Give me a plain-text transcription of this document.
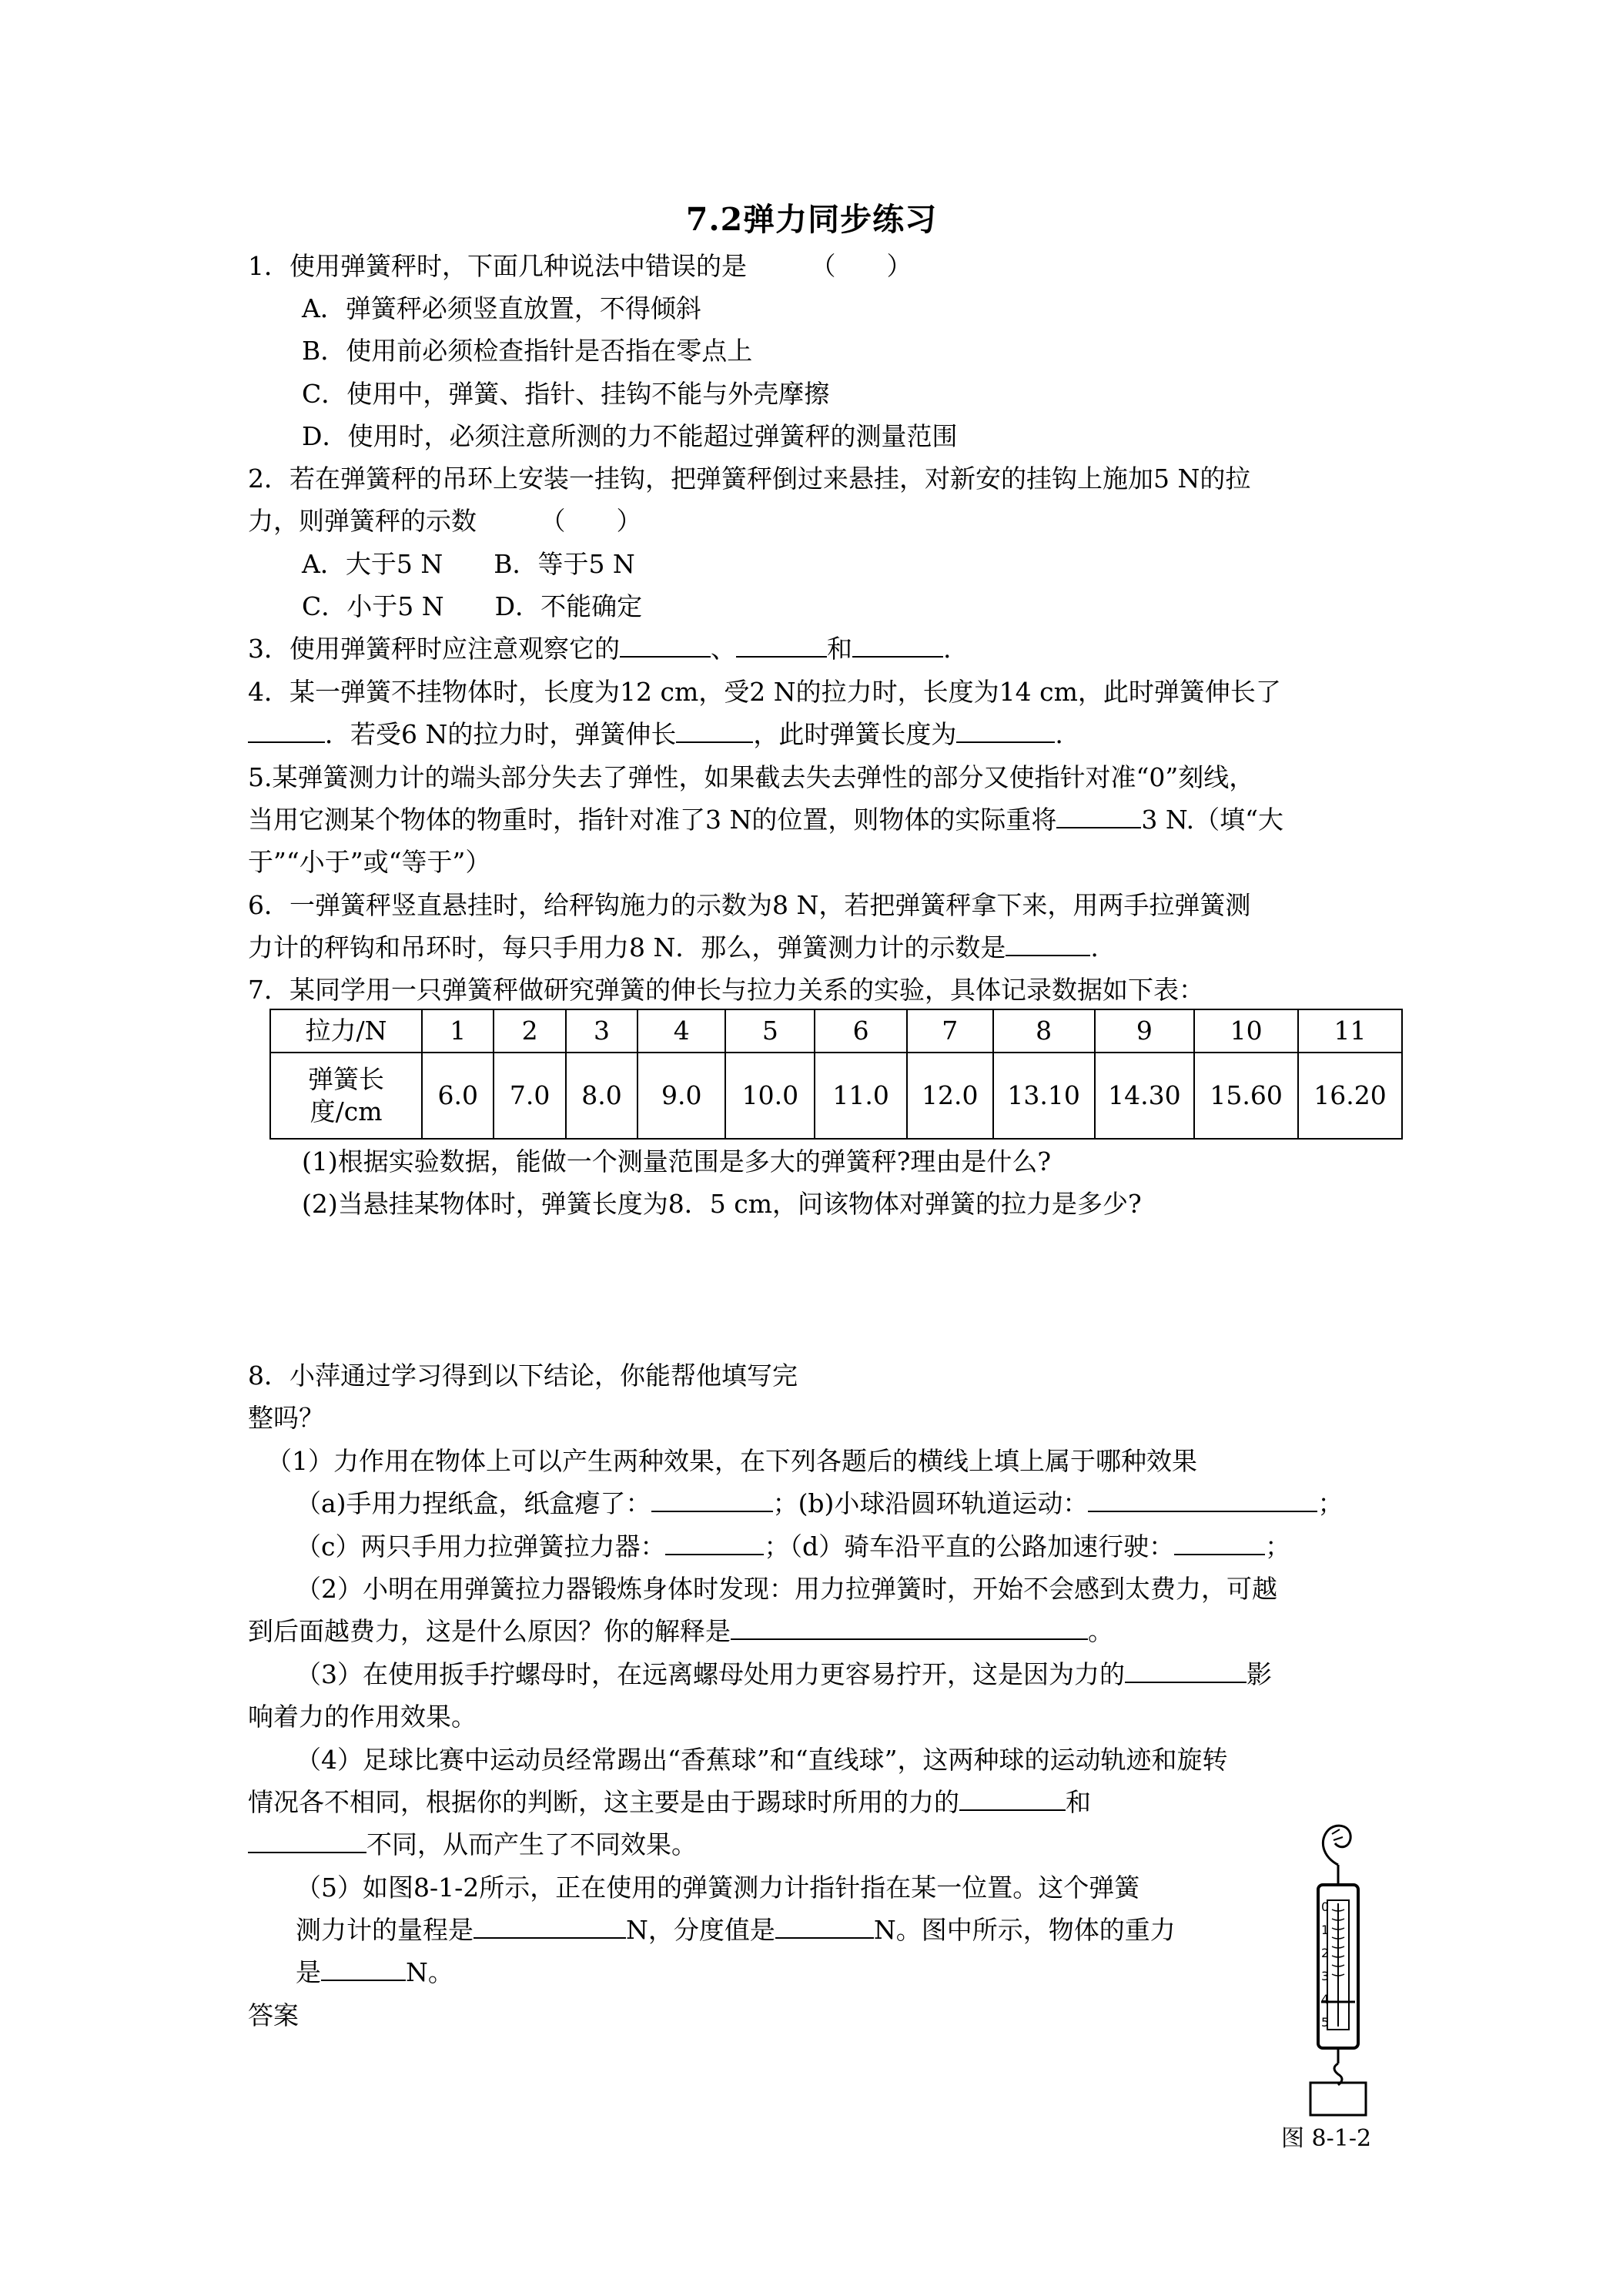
7.2弹力同步练习
1．使用弹簧秤时，下面几种说法中错误的是　　　（　　）
A．弹簧秤必须竖直放置，不得倾斜
B．使用前必须检查指针是否指在零点上
C．使用中，弹簧、指针、挂钩不能与外壳摩擦
D．使用时，必须注意所测的力不能超过弹簧秤的测量范围
2．若在弹簧秤的吊环上安装一挂钩，把弹簧秤倒过来悬挂，对新安的挂钩上施加5 N的拉
力，则弹簧秤的示数　　　（　　）
A．大于5 N　　B．等于5 N
C．小于5 N　　D．不能确定
3．使用弹簧秤时应注意观察它的	、	和	.
4．某一弹簧不挂物体时，长度为12 cm，受2 N的拉力时，长度为14 cm，此时弹簧伸长了
．若受6 N的拉力时，弹簧伸长	，此时弹簧长度为	.
5.某弹簧测力计的端头部分失去了弹性，如果截去失去弹性的部分又使指针对准“0”刻线，
当用它测某个物体的物重时，指针对准了3 N的位置，则物体的实际重将	3 N.（填“大
于”“小于”或“等于”）
6．一弹簧秤竖直悬挂时，给秤钩施力的示数为8 N，若把弹簧秤拿下来，用两手拉弹簧测
力计的秤钩和吊环时，每只手用力8 N．那么，弹簧测力计的示数是	.
7．某同学用一只弹簧秤做研究弹簧的伸长与拉力关系的实验，具体记录数据如下表：
拉力/N	1	2	3	4	5	6	7	8	9	10	11
弹簧长
度/cm	6.0	7.0	8.0	9.0	10.0	11.0	12.0	13.10	14.30	15.60	16.20
(1)根据实验数据，能做一个测量范围是多大的弹簧秤?理由是什么?
(2)当悬挂某物体时，弹簧长度为8．5 cm，问该物体对弹簧的拉力是多少?
8．小萍通过学习得到以下结论，你能帮他填写完
整吗？
（1）力作用在物体上可以产生两种效果，在下列各题后的横线上填上属于哪种效果
（a)手用力捏纸盒，纸盒瘪了：	；(b)小球沿圆环轨道运动：	；
（c）两只手用力拉弹簧拉力器：	；（d）骑车沿平直的公路加速行驶：	；
（2）小明在用弹簧拉力器锻炼身体时发现：用力拉弹簧时，开始不会感到太费力，可越
到后面越费力，这是什么原因？你的解释是	。
（3）在使用扳手拧螺母时，在远离螺母处用力更容易拧开，这是因为力的	影
响着力的作用效果。
（4）足球比赛中运动员经常踢出“香蕉球”和“直线球”，这两种球的运动轨迹和旋转
情况各不相同，根据你的判断，这主要是由于踢球时所用的力的	和
不同，从而产生了不同效果。
（5）如图8-1-2所示，正在使用的弹簧测力计指针指在某一位置。这个弹簧
测力计的量程是	N，分度值是	N。图中所示，物体的重力
是	N。
答案
0
1
2
3
4
5
图 8-1-2
